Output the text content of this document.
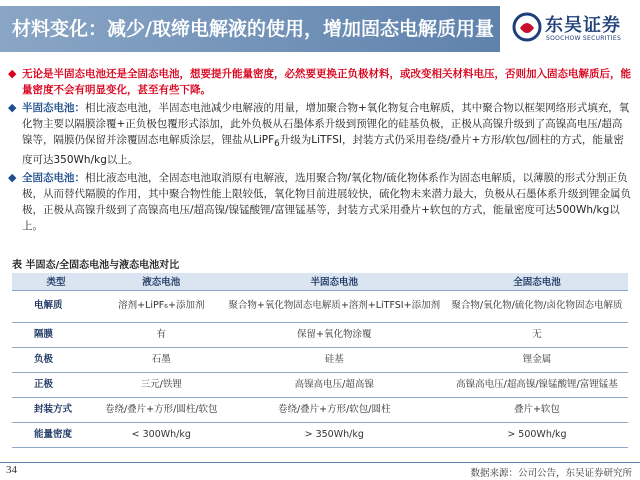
材料变化：减少/取缔电解液的使用，增加固态电解质用量	东吴证券
SOOCHOW SECURITIES
◆ 无论是半固态电池还是全固态电池，想要提升能量密度，必然要更换正负极材料，或改变相关材料电压，否则加入固态电解质后，能量密度不会有明显变化，甚至有些下降。
◆ 半固态电池：相比液态电池，半固态电池减少电解液的用量，增加聚合物+氧化物复合电解质，其中聚合物以框架网络形式填充，氧化物主要以隔膜涂覆+正负极包覆形式添加，此外负极从石墨体系升级到预锂化的硅基负极，正极从高镍升级到了高镍高电压/超高镍等，隔膜仍保留并涂覆固态电解质涂层，锂盐从LiPF$_6$升级为LiTFSI，封装方式仍采用卷绕/叠片+方形/软包/圆柱的方式，能量密度可达350Wh/kg以上。
◆ 全固态电池：相比液态电池，全固态电池取消原有电解液，选用聚合物/氧化物/硫化物体系作为固态电解质，以薄膜的形式分割正负极，从而替代隔膜的作用，其中聚合物性能上限较低，氧化物目前进展较快，硫化物未来潜力最大，负极从石墨体系升级到锂金属负极，正极从高镍升级到了高镍高电压/超高镍/镍锰酸锂/富锂锰基等，封装方式采用叠片+软包的方式，能量密度可达500Wh/kg以上。
表 半固态/全固态电池与液态电池对比
类型	液态电池	半固态电池	全固态电池
电解质	溶剂+LiPF₆+添加剂	聚合物+氧化物固态电解质+溶剂+LiTFSI+添加剂	聚合物/氧化物/硫化物/卤化物固态电解质
隔膜	有	保留+氧化物涂覆	无
负极	石墨	硅基	锂金属
正极	三元/铁锂	高镍高电压/超高镍	高镍高电压/超高镍/镍锰酸锂/富锂锰基
封装方式	卷绕/叠片+方形/圆柱/软包	卷绕/叠片+方形/软包/圆柱	叠片+软包
能量密度	< 300Wh/kg	> 350Wh/kg	> 500Wh/kg
34	数据来源：公司公告，东吴证券研究所
